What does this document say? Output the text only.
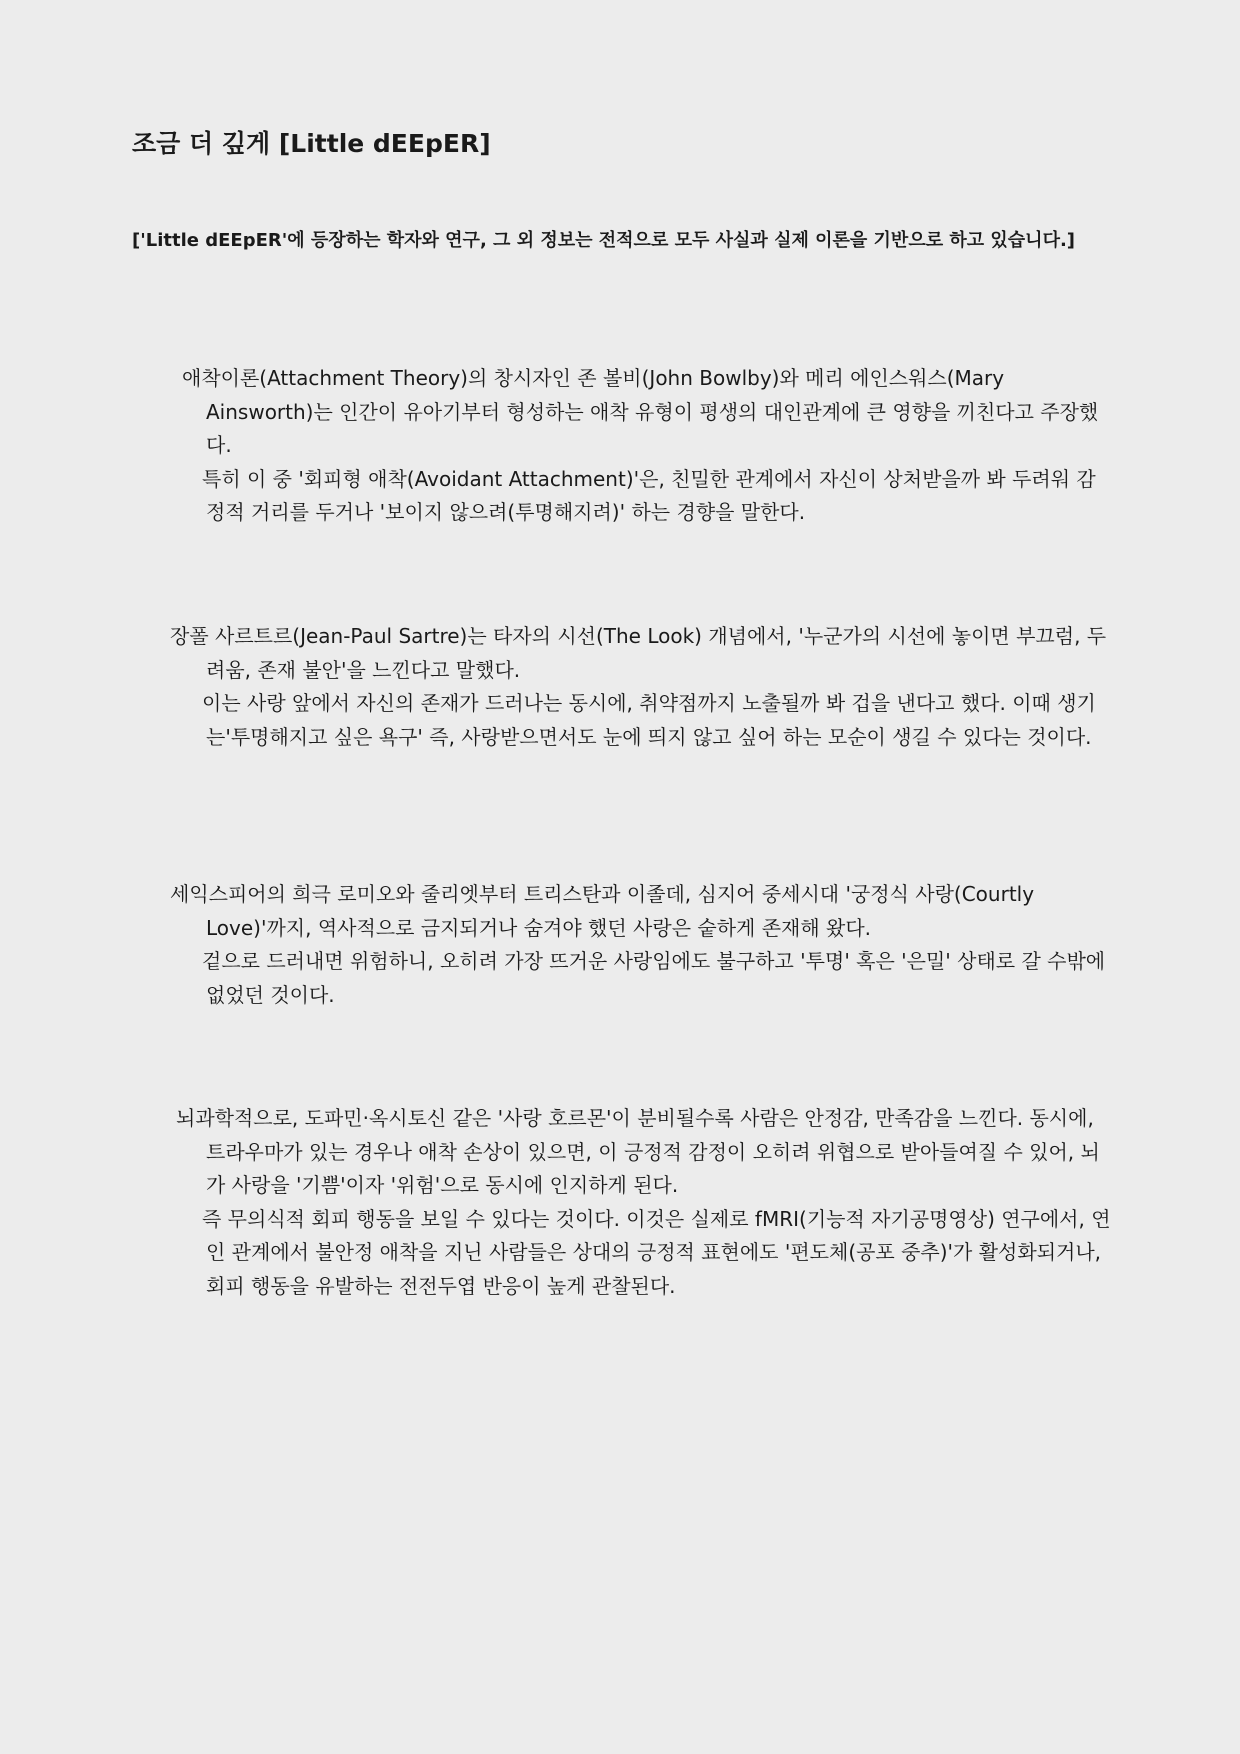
조금 더 깊게 [Little dEEpER]

['Little dEEpER'에 등장하는 학자와 연구, 그 외 정보는 전적으로 모두 사실과 실제 이론을 기반으로 하고 있습니다.]

애착이론(Attachment Theory)의 창시자인 존 볼비(John Bowlby)와 메리 에인스워스(Mary Ainsworth)는 인간이 유아기부터 형성하는 애착 유형이 평생의 대인관계에 큰 영향을 끼친다고 주장했다.

특히 이 중 '회피형 애착(Avoidant Attachment)'은, 친밀한 관계에서 자신이 상처받을까 봐 두려워 감정적 거리를 두거나 '보이지 않으려(투명해지려)' 하는 경향을 말한다.

장폴 사르트르(Jean-Paul Sartre)는 타자의 시선(The Look) 개념에서, '누군가의 시선에 놓이면 부끄럼, 두려움, 존재 불안'을 느낀다고 말했다.

이는 사랑 앞에서 자신의 존재가 드러나는 동시에, 취약점까지 노출될까 봐 겁을 낸다고 했다. 이때 생기는'투명해지고 싶은 욕구' 즉, 사랑받으면서도 눈에 띄지 않고 싶어 하는 모순이 생길 수 있다는 것이다.

세익스피어의 희극 로미오와 줄리엣부터 트리스탄과 이졸데, 심지어 중세시대 '궁정식 사랑(Courtly Love)'까지, 역사적으로 금지되거나 숨겨야 했던 사랑은 숱하게 존재해 왔다.

겉으로 드러내면 위험하니, 오히려 가장 뜨거운 사랑임에도 불구하고 '투명' 혹은 '은밀' 상태로 갈 수밖에 없었던 것이다.

뇌과학적으로, 도파민·옥시토신 같은 '사랑 호르몬'이 분비될수록 사람은 안정감, 만족감을 느낀다. 동시에, 트라우마가 있는 경우나 애착 손상이 있으면, 이 긍정적 감정이 오히려 위협으로 받아들여질 수 있어, 뇌가 사랑을 '기쁨'이자 '위험'으로 동시에 인지하게 된다.

즉 무의식적 회피 행동을 보일 수 있다는 것이다. 이것은 실제로 fMRI(기능적 자기공명영상) 연구에서, 연인 관계에서 불안정 애착을 지닌 사람들은 상대의 긍정적 표현에도 '편도체(공포 중추)'가 활성화되거나, 회피 행동을 유발하는 전전두엽 반응이 높게 관찰된다.
